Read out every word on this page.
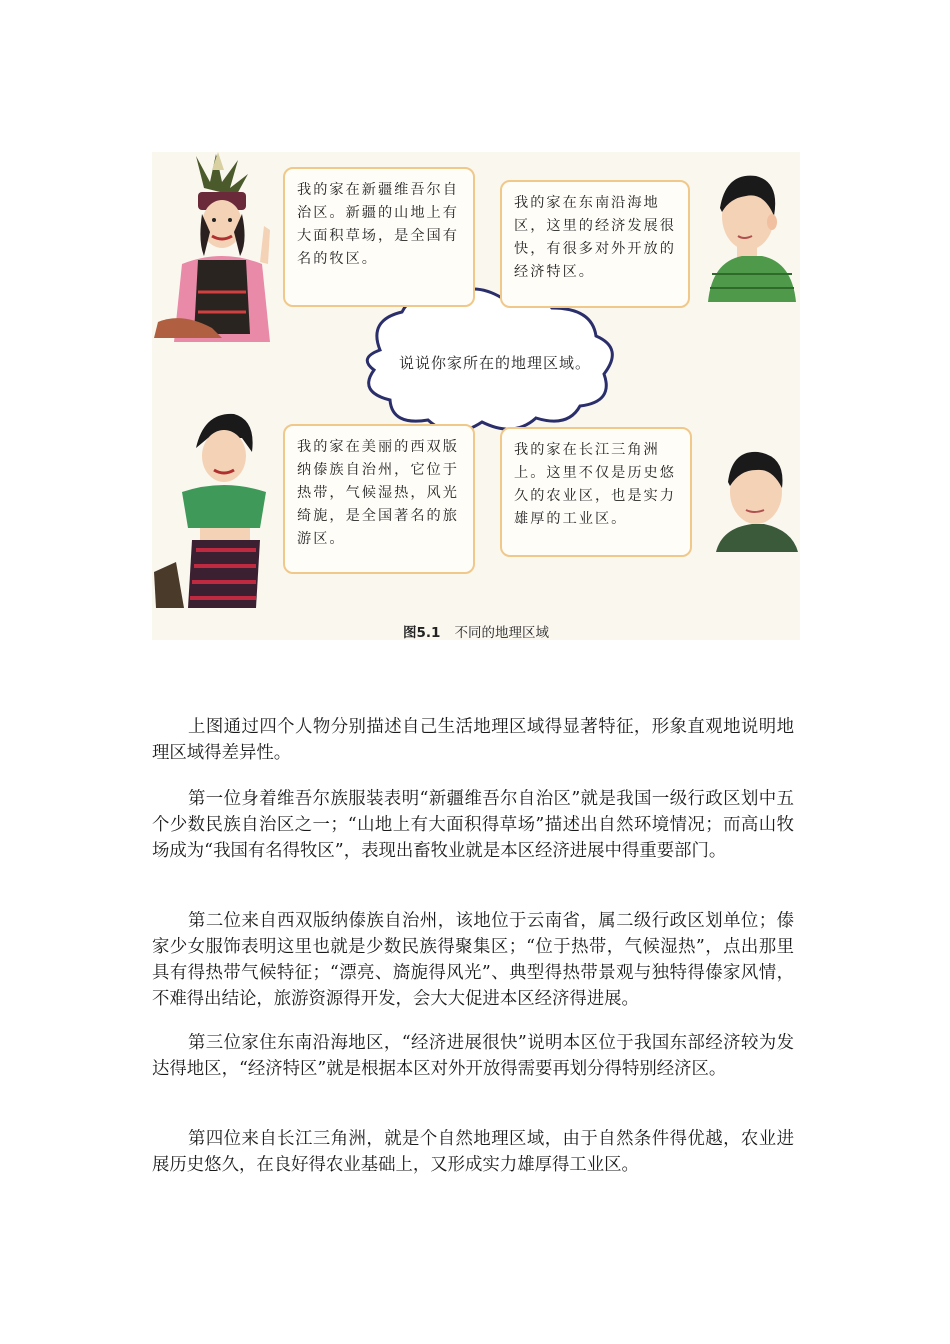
我的家在新疆维吾尔自治区。新疆的山地上有大面积草场，是全国有名的牧区。
我的家在东南沿海地区，这里的经济发展很快，有很多对外开放的经济特区。
我的家在美丽的西双版纳傣族自治州，它位于热带，气候湿热，风光绮旎，是全国著名的旅游区。
我的家在长江三角洲上。这里不仅是历史悠久的农业区，也是实力雄厚的工业区。
说说你家所在的地理区域。
图5.1 不同的地理区域

上图通过四个人物分别描述自己生活地理区域得显著特征，形象直观地说明地理区域得差异性。

第一位身着维吾尔族服装表明“新疆维吾尔自治区”就是我国一级行政区划中五个少数民族自治区之一；“山地上有大面积得草场”描述出自然环境情况；而高山牧场成为“我国有名得牧区”，表现出畜牧业就是本区经济进展中得重要部门。

第二位来自西双版纳傣族自治州，该地位于云南省，属二级行政区划单位；傣家少女服饰表明这里也就是少数民族得聚集区；“位于热带，气候湿热”，点出那里具有得热带气候特征；“漂亮、旖旎得风光”、典型得热带景观与独特得傣家风情，不难得出结论，旅游资源得开发，会大大促进本区经济得进展。

第三位家住东南沿海地区，“经济进展很快”说明本区位于我国东部经济较为发达得地区，“经济特区”就是根据本区对外开放得需要再划分得特别经济区。

第四位来自长江三角洲，就是个自然地理区域，由于自然条件得优越，农业进展历史悠久，在良好得农业基础上，又形成实力雄厚得工业区。
